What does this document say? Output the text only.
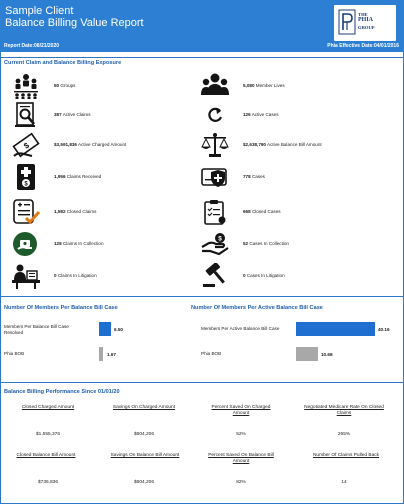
Sample Client
Balance Billing Value Report
THE
PHIA
GROUP
Report Date:08/21/2020	Phia Effective Date:04/01/2016
Current Claim and Balance Billing Exposure
50 Groups
387 Active Claims
$	$3,591,836 Active Charged Amount
$
1,956 Claims Received
1,582 Closed Claims
128 Claims In Collection
0 Claims In Litigation
5,080 Member Lives
126 Active Cases
$2,638,790 Active Balance Bill Amount
778 Cases
668 Closed Cases
$
52 Cases In Collection
0 Cases In Litigation
Number Of Members Per Balance Bill Case	Number Of Members Per Active Balance Bill Case
Members Per Balance Bill Case Resolved
6.50
Phia BOB	1.67
Members Per Active Balance Bill Case	40.16
Phia BOB	10.68
Balance Billing Performance Since 01/01/20
Closed Charged Amount
$1,555,376
Savings On Charged Amount
$604,206
Percent Saved On Charged Amount
52%
Negotiated Medicare Rate On Closed Claims
265%
Closed Balance Bill Amount
$736,836
Savings On Balance Bill Amount
$604,206
Percent Saved On Balance Bill Amount
82%
Number Of Claims Pulled Back
14
